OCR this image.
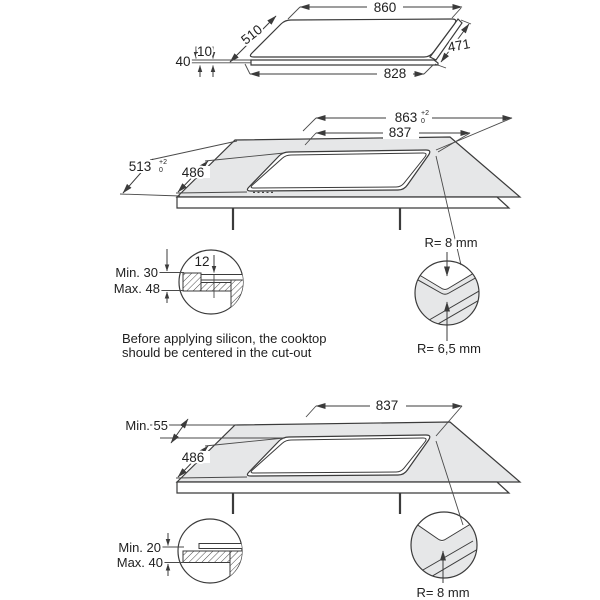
860
510	471
828
10
40
863 +2
0
837
513 +2
0 486
12
Min. 30
Max. 48
Before applying silicon, the cooktop
should be centered in the cut-out
R= 8 mm
R= 6,5 mm
837
Min. 55
486
Min. 20
Max. 40
R= 8 mm
